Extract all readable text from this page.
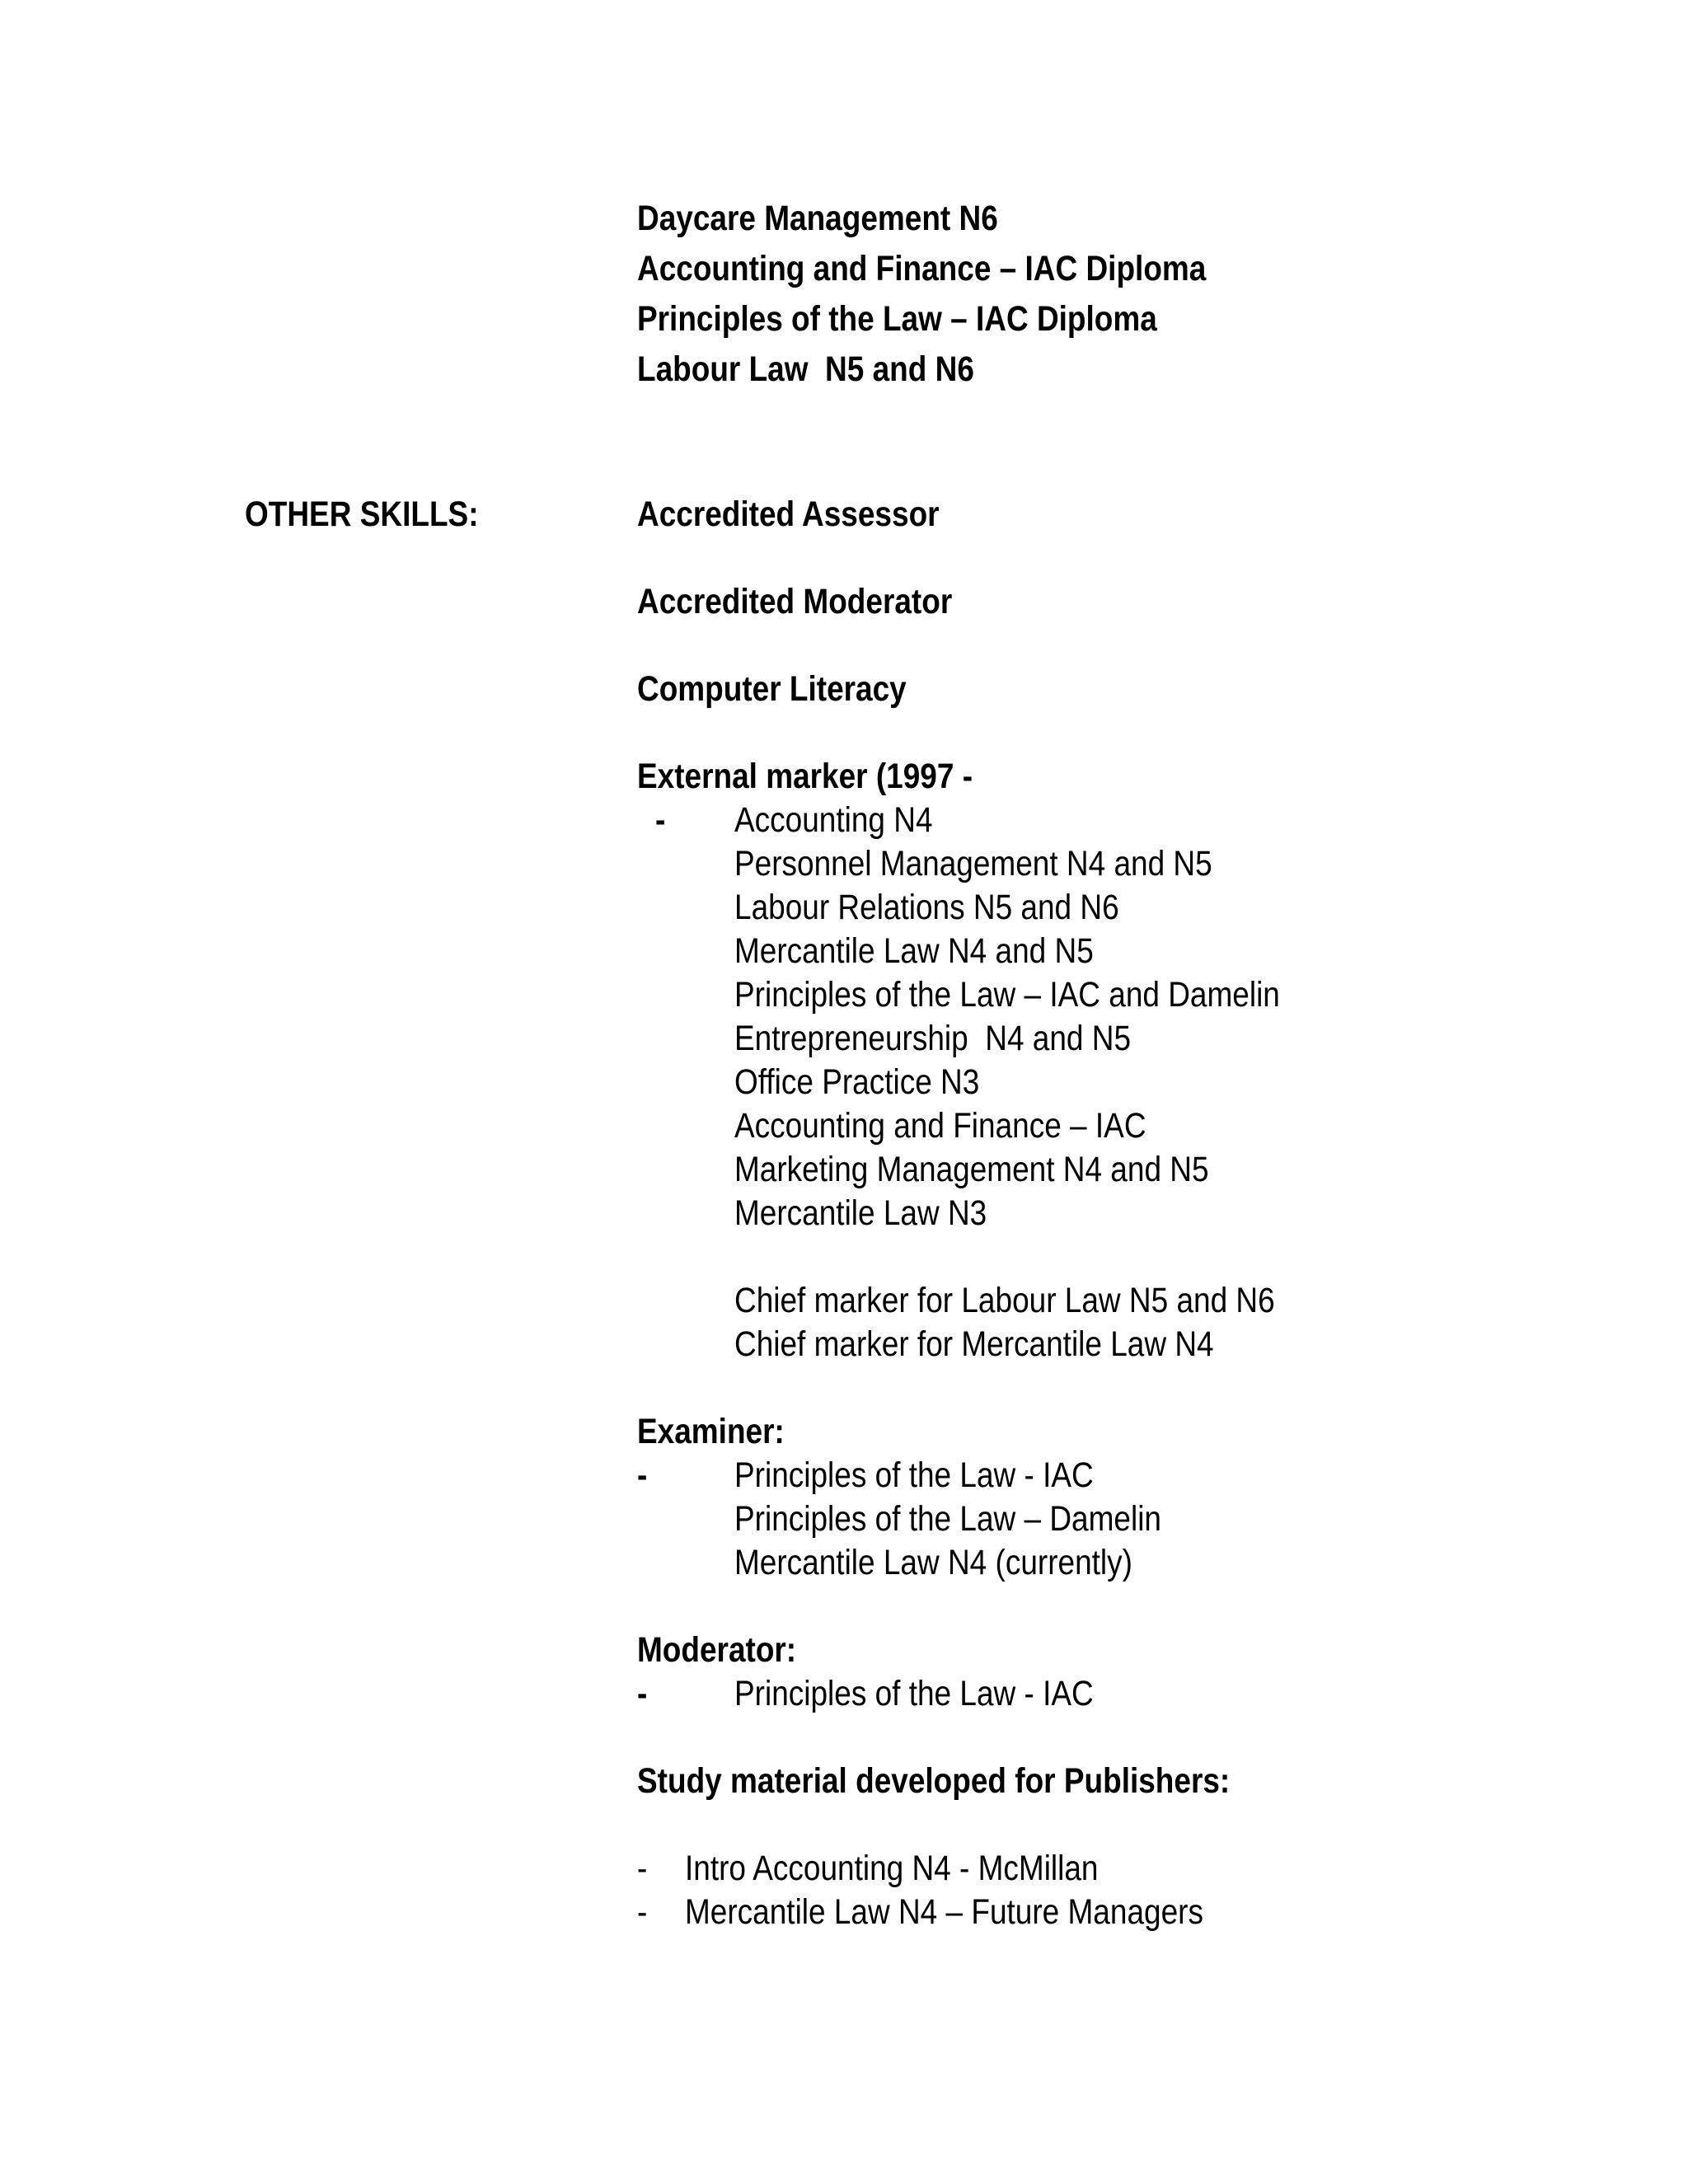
Daycare Management N6
Accounting and Finance – IAC Diploma
Principles of the Law – IAC Diploma
Labour Law  N5 and N6
OTHER SKILLS:	Accredited Assessor
Accredited Moderator
Computer Literacy
External marker (1997 -
- Accounting N4
Personnel Management N4 and N5
Labour Relations N5 and N6
Mercantile Law N4 and N5
Principles of the Law – IAC and Damelin
Entrepreneurship  N4 and N5
Office Practice N3
Accounting and Finance – IAC
Marketing Management N4 and N5
Mercantile Law N3
Chief marker for Labour Law N5 and N6
Chief marker for Mercantile Law N4
Examiner:
- Principles of the Law - IAC
Principles of the Law – Damelin
Mercantile Law N4 (currently)
Moderator:
- Principles of the Law - IAC
Study material developed for Publishers:
- Intro Accounting N4 - McMillan
- Mercantile Law N4 – Future Managers
